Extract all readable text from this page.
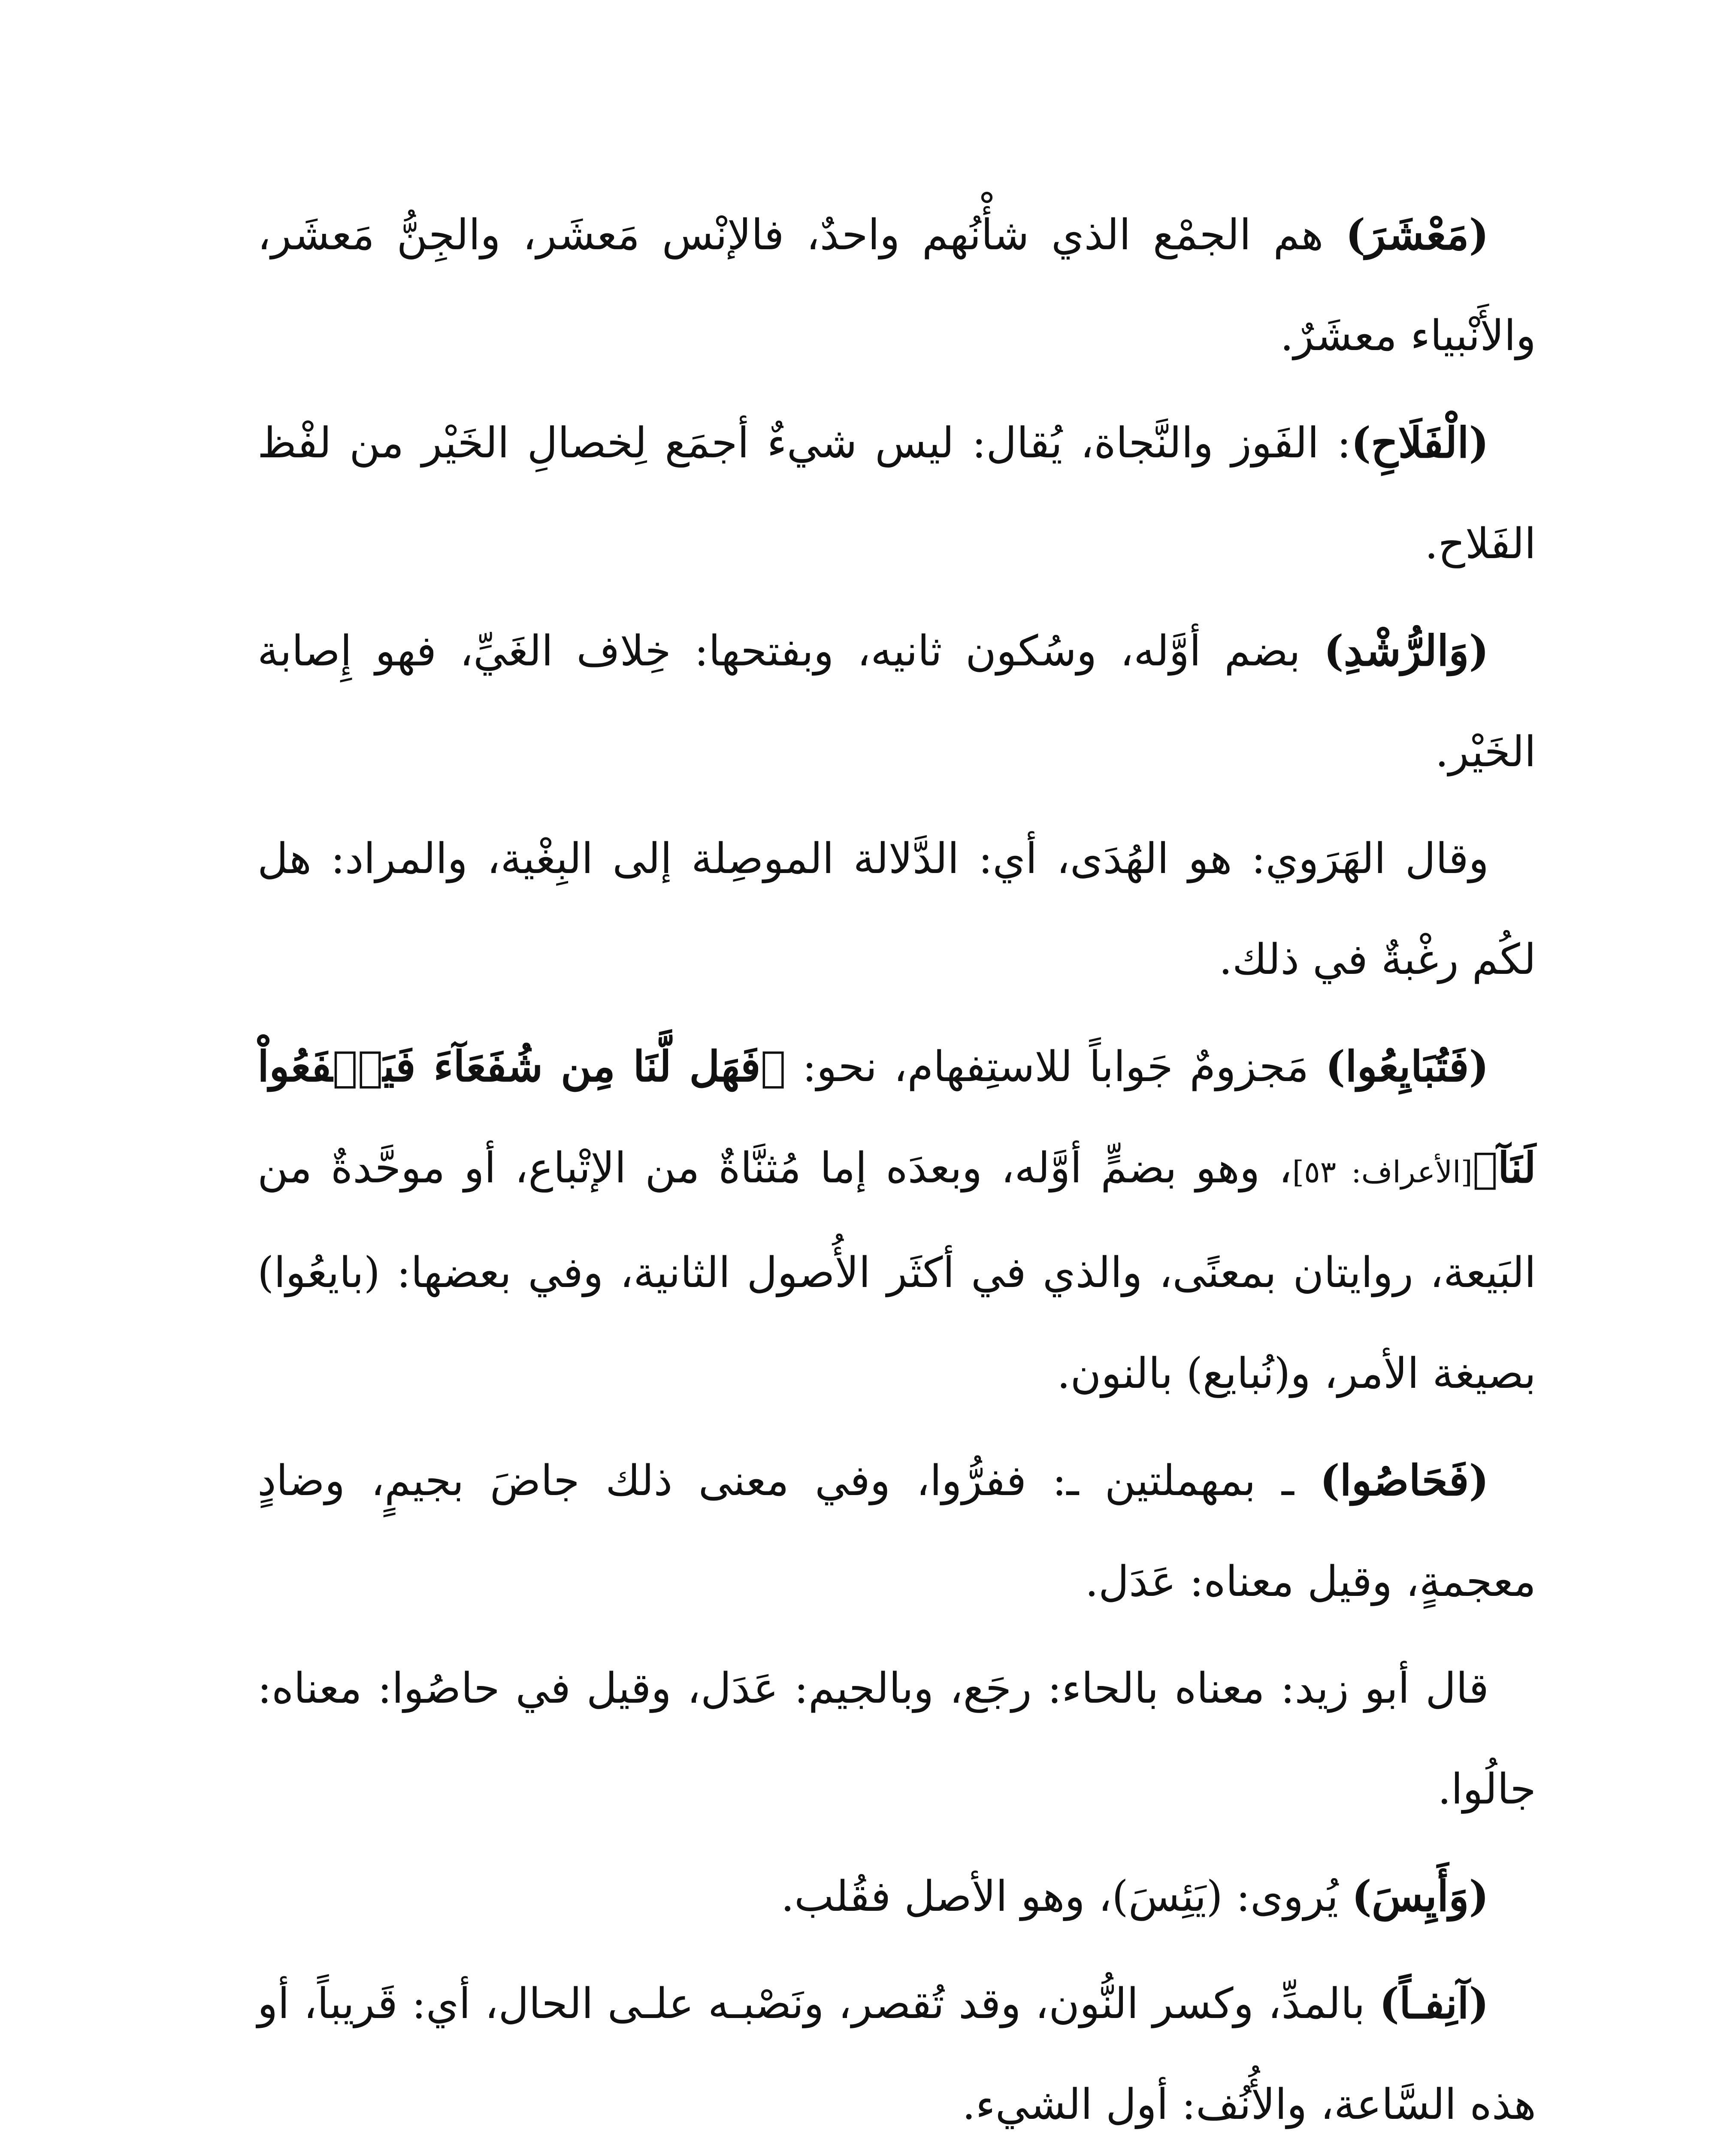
(مَعْشَرَ) هم الجمْع الذي شأْنُهم واحدٌ، فالإنْس مَعشَر، والجِنُّ مَعشَر، والأَنْبياء معشَرٌ.

(الْفَلَاحِ): الفَوز والنَّجاة، يُقال: ليس شيءٌ أجمَع لِخصالِ الخَيْر من لفْظ الفَلاح.

(وَالرُّشْدِ) بضم أوَّله، وسُكون ثانيه، وبفتحها: خِلاف الغَيِّ، فهو إِصابة الخَيْر.

وقال الهَرَوي: هو الهُدَى، أي: الدَّلالة الموصِلة إلى البِغْية، والمراد: هل لكُم رغْبةٌ في ذلك.

(فَتُبَايِعُوا) مَجزومٌ جَواباً للاستِفهام، نحو: ﴿فَهَل لَّنَا مِن شُفَعَآءَ فَيَشۡفَعُواْ لَنَآ﴾[الأعراف: ٥٣]، وهو بضمٍّ أوَّله، وبعدَه إما مُثنَّاةٌ من الإتْباع، أو موحَّدةٌ من البَيعة، روايتان بمعنًى، والذي في أكثَر الأُصول الثانية، وفي بعضها: (بايعُوا) بصيغة الأمر، و(نُبايع) بالنون.

(فَحَاصُوا) ـ بمهملتين ـ: ففرُّوا، وفي معنى ذلك جاضَ بجيمٍ، وضادٍ معجمةٍ، وقيل معناه: عَدَل.

قال أبو زيد: معناه بالحاء: رجَع، وبالجيم: عَدَل، وقيل في حاصُوا: معناه: جالُوا.

(وَأَيِسَ) يُروى: (يَئِسَ)، وهو الأصل فقُلب.

(آنِفـاً) بالمدِّ، وكسر النُّون، وقد تُقصر، ونَصْبـه علـى الحال، أي: قَريباً، أو هذه السَّاعة، والأُنُف: أول الشيء.
